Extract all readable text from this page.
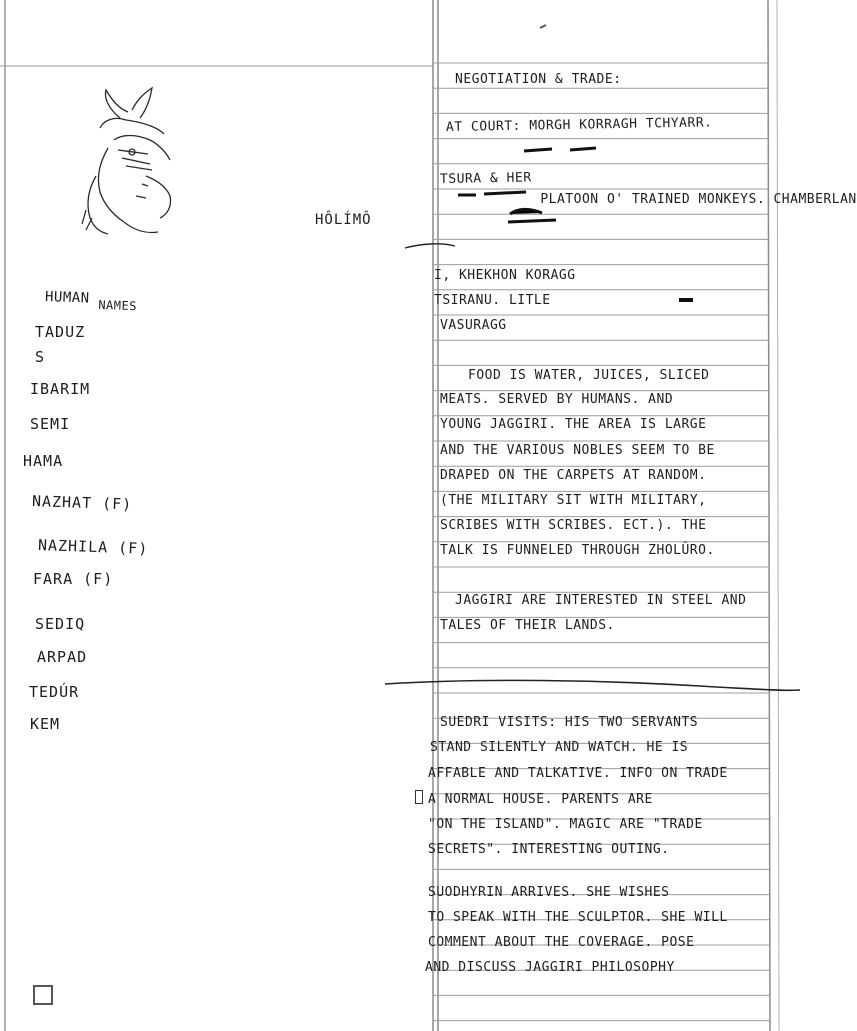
HÔLÍMÔ
HUMAN NAMES
TADUZ
S
IBARIM
SEMI
HAMA
NAZHAT (F)
NAZHILA (F)
FARA (F)
SEDIQ
ARPAD
TEDÚR
KEM
NEGOTIATION & TRADE:
AT COURT: MORGH KORRAGH TCHYARR.
TSURA & HER
PLATOON O' TRAINED MONKEYS. CHAMBERLAN
I, KHEKHON KORAGG
TSIRANU. LITLE
VASURAGG
FOOD IS WATER, JUICES, SLICED
MEATS. SERVED BY HUMANS. AND
YOUNG JAGGIRI. THE AREA IS LARGE
AND THE VARIOUS NOBLES SEEM TO BE
DRAPED ON THE CARPETS AT RANDOM.
(THE MILITARY SIT WITH MILITARY,
SCRIBES WITH SCRIBES. ECT.). THE
TALK IS FUNNELED THROUGH ZHOLÛRO.
JAGGIRI ARE INTERESTED IN STEEL AND
TALES OF THEIR LANDS.
SUEDRI VISITS: HIS TWO SERVANTS
STAND SILENTLY AND WATCH. HE IS
AFFABLE AND TALKATIVE. INFO ON TRADE
A NORMAL HOUSE. PARENTS ARE
"ON THE ISLAND". MAGIC ARE "TRADE
SECRETS". INTERESTING OUTING.
SUODHYRIN ARRIVES. SHE WISHES
TO SPEAK WITH THE SCULPTOR. SHE WILL
COMMENT ABOUT THE COVERAGE. POSE
AND DISCUSS JAGGIRI PHILOSOPHY
